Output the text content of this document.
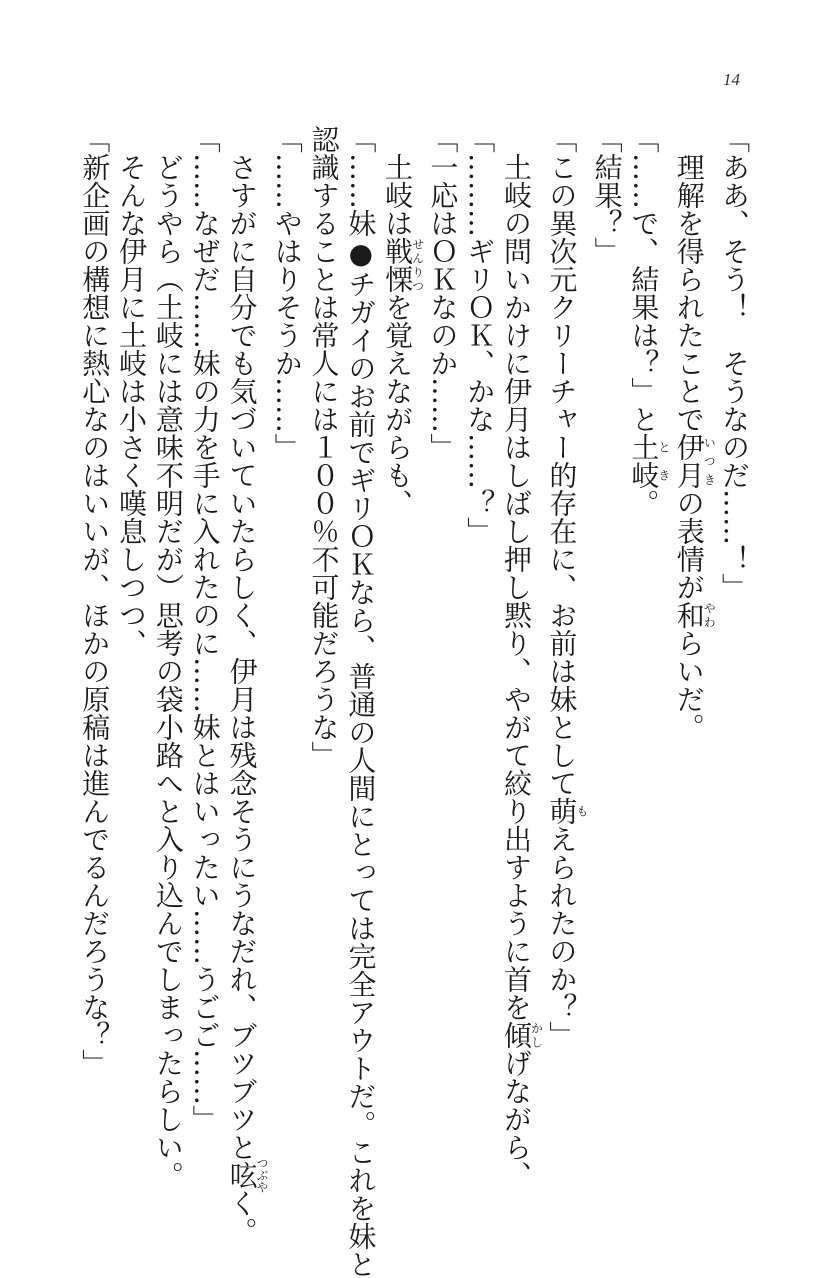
14

「ああ、そう！　そうなのだ……！」

理解を得られたことで伊月いつきの表情が和やわらいだ。

「……で、結果は？」と土岐とき。

「結果？」

「この異次元クリーチャー的存在に、お前は妹として萌もえられたのか？」

土岐の問いかけに伊月はしばし押し黙り、やがて絞り出すように首を傾かしげながら、

「………ギリＯＫ、かな……？」

「一応はＯＫなのか……」

土岐は戦慄せんりつを覚えながらも、

「……妹●チガイのお前でギリＯＫなら、普通の人間にとっては完全アウトだ。これを妹と

認識することは常人には１００％不可能だろうな」

「……やはりそうか……」

さすがに自分でも気づいていたらしく、伊月は残念そうにうなだれ、ブツブツと呟つぶやく。

「……なぜだ……妹の力を手に入れたのに……妹とはいったい……うごご……」

どうやら（土岐には意味不明だが）思考の袋小路へと入り込んでしまったらしい。

そんな伊月に土岐は小さく嘆息しつつ、

「新企画の構想に熱心なのはいいが、ほかの原稿は進んでるんだろうな？」
